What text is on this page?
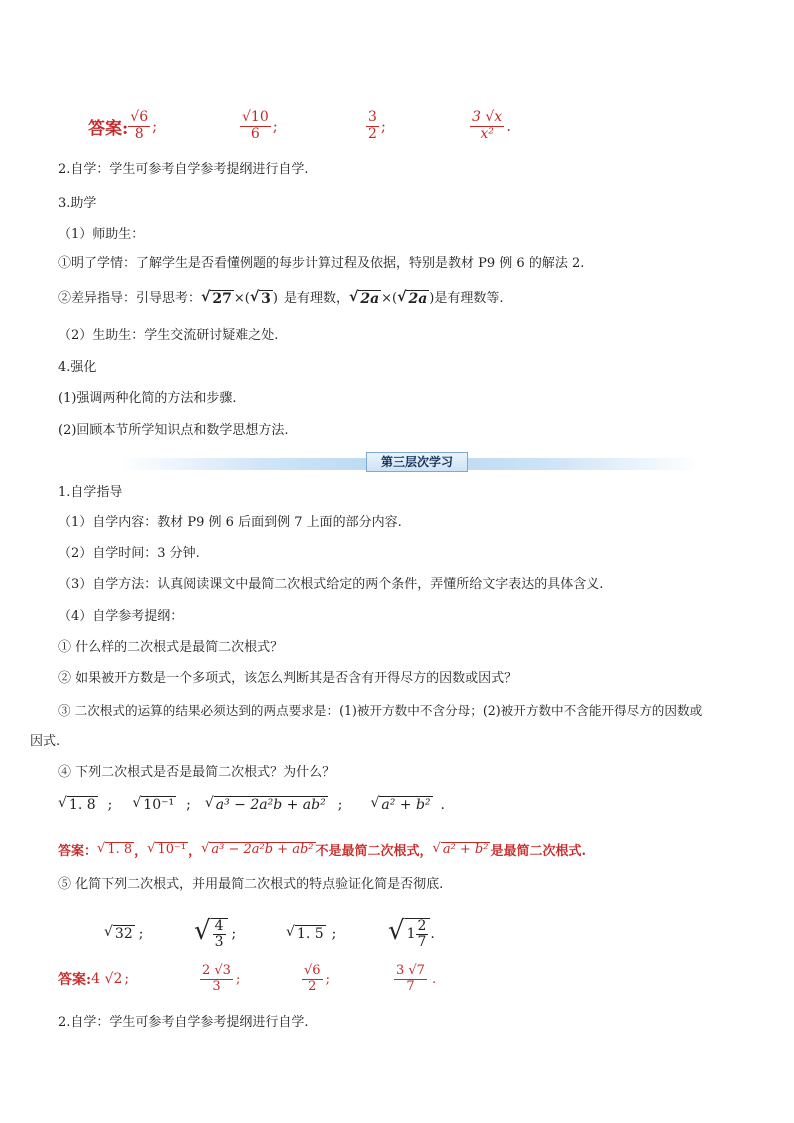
答案: $\frac{√6}{8}$ ;	$\frac{√10}{6}$ ;	$\frac{3}{2}$ ;	$\frac{3 √x}{\text{x²}}$ .
2.自学：学生可参考自学参考提纲进行自学.
3.助学
（1）师助生：
①明了学情：了解学生是否看懂例题的每步计算过程及依据，特别是教材 P9 例 6 的解法 2.
②差异指导：引导思考： √ 27 ×( √ 3 ) 是有理数， √ 2a ×( √ 2a ) 是有理数等.
（2）生助生：学生交流研讨疑难之处.
4.强化
(1)强调两种化简的方法和步骤.
(2)回顾本节所学知识点和数学思想方法.
第三层次学习
1.自学指导
（1）自学内容：教材 P9 例 6 后面到例 7 上面的部分内容.
（2）自学时间：3 分钟.
（3）自学方法：认真阅读课文中最简二次根式给定的两个条件，弄懂所给文字表达的具体含义.
（4）自学参考提纲：
① 什么样的二次根式是最简二次根式？
② 如果被开方数是一个多项式，该怎么判断其是否含有开得尽方的因数或因式？
③ 二次根式的运算的结果必须达到的两点要求是：(1)被开方数中不含分母；(2)被开方数中不含能开得尽方的因数或
因式.
④ 下列二次根式是否是最简二次根式？为什么？
√ 1. 8 ; √ 10⁻¹ ; √ a³ − 2a²b + ab² ; √ a² + b² .
答案： √ 1. 8 ， √ 10⁻¹ ， √ a³ − 2a²b + ab² 不是最简二次根式， √ a² + b² 是最简二次根式.
⑤ 化简下列二次根式，并用最简二次根式的特点验证化简是否彻底.
√ 32 ; √ $\frac{4}{3}$ ;	√ 1. 5 ; √ $1 \frac{2}{7}$ .
答案: 4 √2 ;	$\frac{2 √3}{3}$ ;	$\frac{√6}{2}$ ;	$\frac{3 √7}{7}$ .
2.自学：学生可参考自学参考提纲进行自学.
